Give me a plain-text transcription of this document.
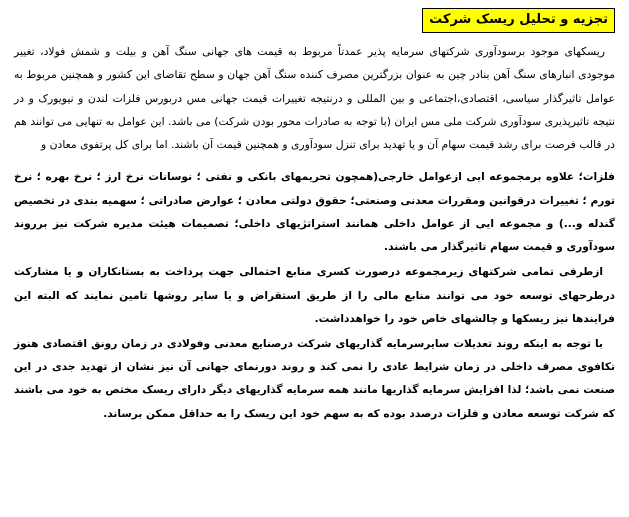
تجزیه و تحلیل ریسک شرکت

ریسکهای موجود برسودآوری شرکتهای سرمایه پذیر عمدتاً مربوط به قیمت های جهانی سنگ آهن و بیلت و شمش فولاد، تغییر موجودی انبارهای سنگ آهن بنادر چین به عنوان بزرگترین مصرف کننده سنگ آهن جهان و سطح تقاضای این کشور و همچنین مربوط به عوامل تاثیرگذار سیاسی، اقتصادی،اجتماعی و بین المللی و درنتیجه تغییرات قیمت جهانی مس دربورس فلزات لندن و نیویورک و در نتیجه تاثیرپذیری سودآوری شرکت ملی مس ایران (با توجه به صادرات محور بودن شرکت) می باشد. این عوامل به تنهایی می توانند هم در قالب فرصت برای رشد قیمت سهام آن و یا تهدید برای تنزل سودآوری و همچنین قیمت آن باشند. اما برای کل پرتفوی معادن و

فلزات؛ علاوه برمجموعه ایی ازعوامل خارجی(همچون تحریمهای بانکی و نفتی ؛ نوسانات نرخ ارز ؛ نرخ بهره ؛ نرخ تورم ؛ تغییرات درقوانین ومقررات معدنی وصنعتی؛ حقوق دولتی معادن ؛ عوارض صادراتی ؛ سهمیه بندی در تخصیص گندله و...) و مجموعه ایی از عوامل داخلی همانند استراتژیهای داخلی؛ تصمیمات هیئت مدیره شرکت نیز برروند سودآوری و قیمت سهام تاثیرگذار می باشند.

ازطرفی تمامی شرکتهای زیرمجموعه درصورت کسری منابع احتمالی جهت پرداخت به بستانکاران و یا مشارکت درطرحهای توسعه خود می توانند منابع مالی را از طریق استقراض و یا سایر روشها تامین نمایند که البته این فرایندها نیز ریسکها و چالشهای خاص خود را خواهدداشت.

با توجه به اینکه روند تعدیلات سایرسرمایه گذاریهای شرکت درصنایع معدنی وفولادی در زمان رونق اقتصادی هنوز تکافوی مصرف داخلی در زمان شرایط عادی را نمی کند و روند دورنمای جهانی آن نیز نشان از تهدید جدی در این صنعت نمی باشد؛ لذا افزایش سرمایه گذاریها مانند همه سرمایه گذاریهای دیگر دارای ریسک مختص به خود می باشند که شرکت توسعه معادن و فلزات درصدد بوده که به سهم خود این ریسک را به حداقل ممکن برساند.
